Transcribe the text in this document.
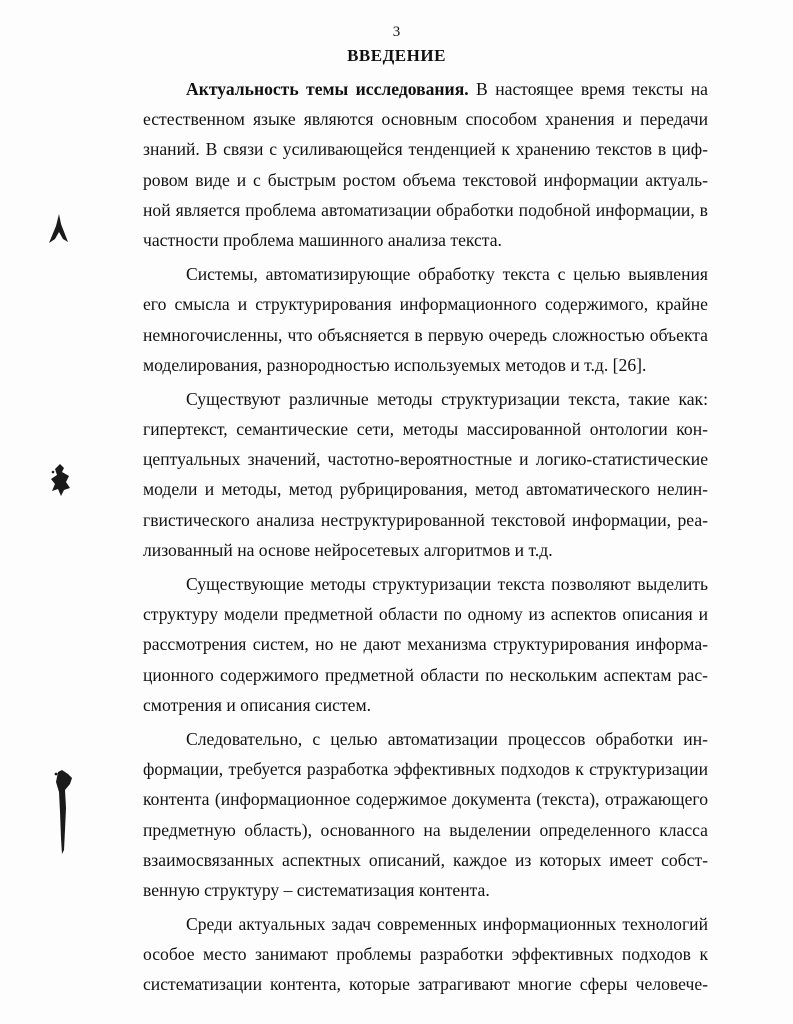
3
ВВЕДЕНИЕ
Актуальность темы исследования. В настоящее время тексты на
естественном языке являются основным способом хранения и передачи
знаний. В связи с усиливающейся тенденцией к хранению текстов в циф-
ровом виде и с быстрым ростом объема текстовой информации актуаль-
ной является проблема автоматизации обработки подобной информации, в
частности проблема машинного анализа текста.
Системы, автоматизирующие обработку текста с целью выявления
его смысла и структурирования информационного содержимого, крайне
немногочисленны, что объясняется в первую очередь сложностью объекта
моделирования, разнородностью используемых методов и т.д. [26].
Существуют различные методы структуризации текста, такие как:
гипертекст, семантические сети, методы массированной онтологии кон-
цептуальных значений, частотно-вероятностные и логико-статистические
модели и методы, метод рубрицирования, метод автоматического нелин-
гвистического анализа неструктурированной текстовой информации, реа-
лизованный на основе нейросетевых алгоритмов и т.д.
Существующие методы структуризации текста позволяют выделить
структуру модели предметной области по одному из аспектов описания и
рассмотрения систем, но не дают механизма структурирования информа-
ционного содержимого предметной области по нескольким аспектам рас-
смотрения и описания систем.
Следовательно, с целью автоматизации процессов обработки ин-
формации, требуется разработка эффективных подходов к структуризации
контента (информационное содержимое документа (текста), отражающего
предметную область), основанного на выделении определенного класса
взаимосвязанных аспектных описаний, каждое из которых имеет собст-
венную структуру – систематизация контента.
Среди актуальных задач современных информационных технологий
особое место занимают проблемы разработки эффективных подходов к
систематизации контента, которые затрагивают многие сферы человече-
